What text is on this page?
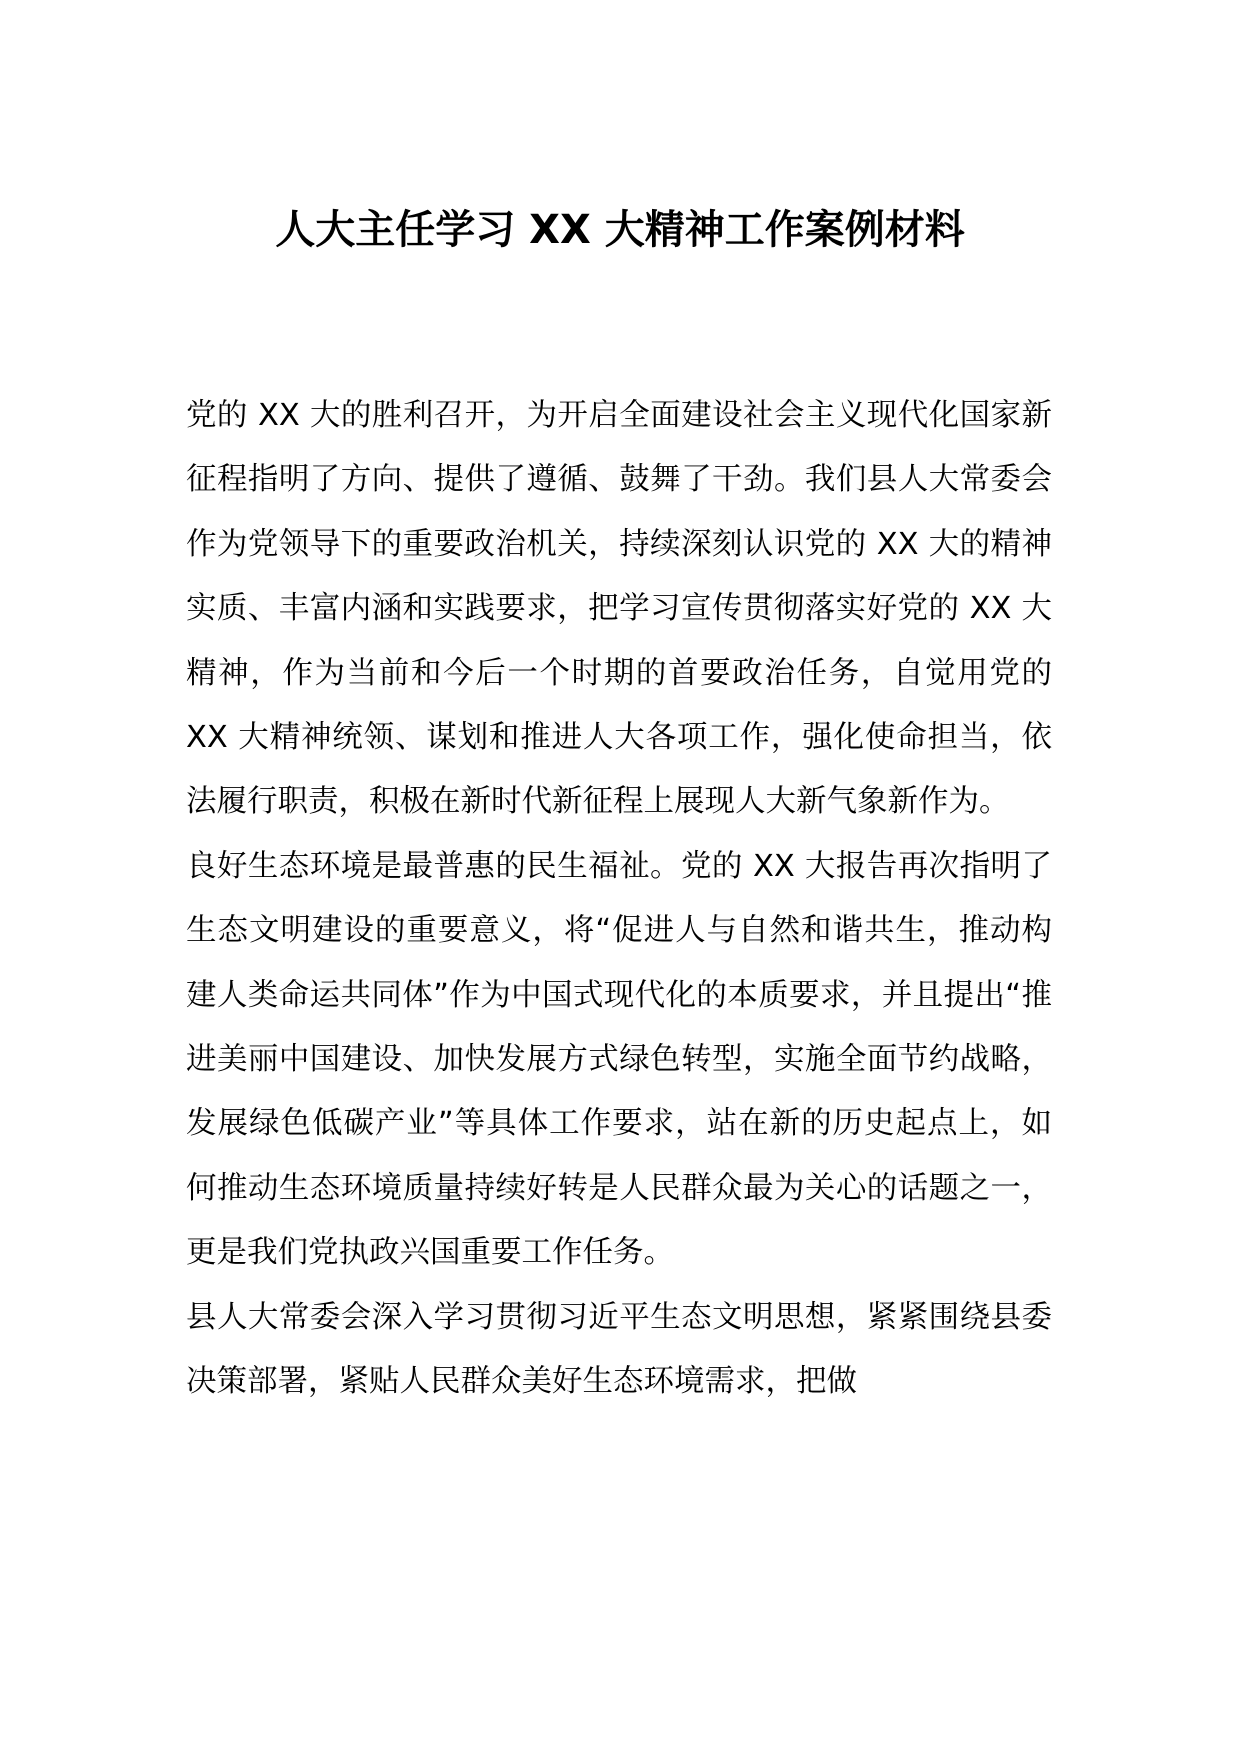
人大主任学习 XX 大精神工作案例材料

党的 XX 大的胜利召开，为开启全面建设社会主义现代化国家新征程指明了方向、提供了遵循、鼓舞了干劲。我们县人大常委会作为党领导下的重要政治机关，持续深刻认识党的 XX 大的精神实质、丰富内涵和实践要求，把学习宣传贯彻落实好党的 XX 大精神，作为当前和今后一个时期的首要政治任务，自觉用党的 XX 大精神统领、谋划和推进人大各项工作，强化使命担当，依法履行职责，积极在新时代新征程上展现人大新气象新作为。

良好生态环境是最普惠的民生福祉。党的 XX 大报告再次指明了生态文明建设的重要意义，将“促进人与自然和谐共生，推动构建人类命运共同体”作为中国式现代化的本质要求，并且提出“推进美丽中国建设、加快发展方式绿色转型，实施全面节约战略，发展绿色低碳产业”等具体工作要求，站在新的历史起点上，如何推动生态环境质量持续好转是人民群众最为关心的话题之一，更是我们党执政兴国重要工作任务。

县人大常委会深入学习贯彻习近平生态文明思想，紧紧围绕县委决策部署，紧贴人民群众美好生态环境需求，把做
